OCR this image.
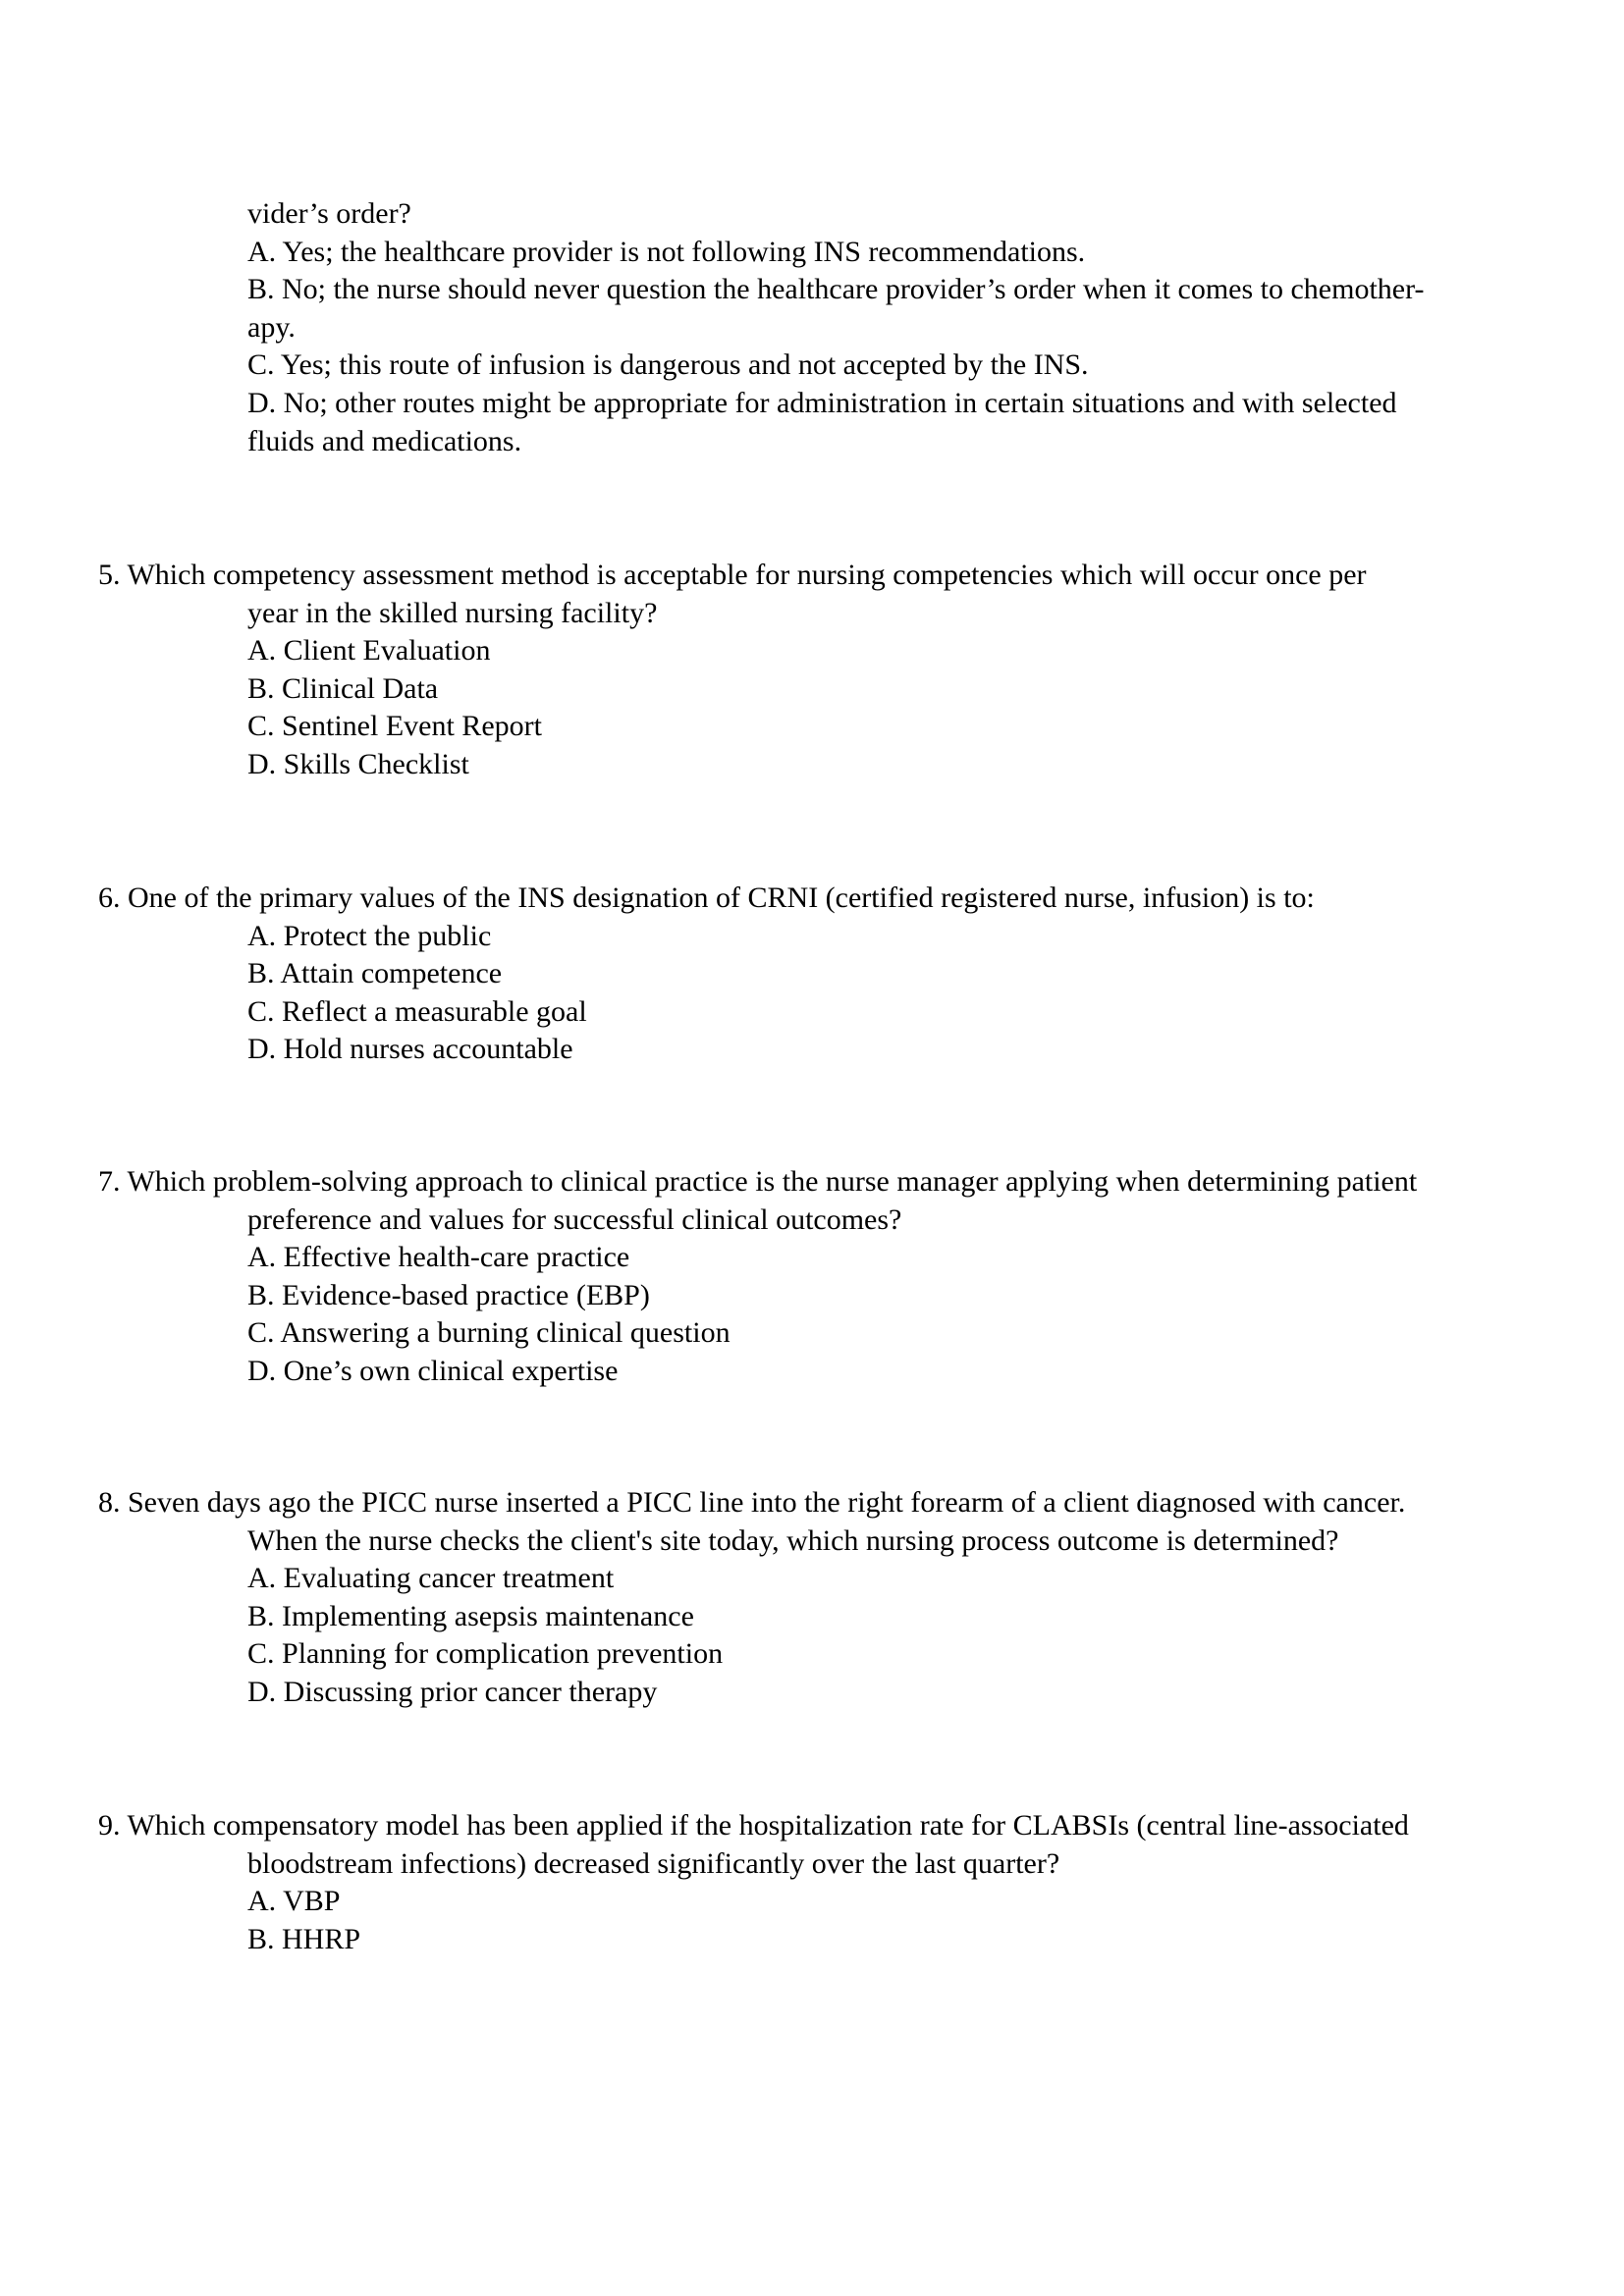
vider’s order?
A. Yes; the healthcare provider is not following INS recommendations.
B. No; the nurse should never question the healthcare provider’s order when it comes to chemother-
apy.
C. Yes; this route of infusion is dangerous and not accepted by the INS.
D. No; other routes might be appropriate for administration in certain situations and with selected
fluids and medications.
5. Which competency assessment method is acceptable for nursing competencies which will occur once per
year in the skilled nursing facility?
A. Client Evaluation
B. Clinical Data
C. Sentinel Event Report
D. Skills Checklist
6. One of the primary values of the INS designation of CRNI (certified registered nurse, infusion) is to:
A. Protect the public
B. Attain competence
C. Reflect a measurable goal
D. Hold nurses accountable
7. Which problem-solving approach to clinical practice is the nurse manager applying when determining patient
preference and values for successful clinical outcomes?
A. Effective health-care practice
B. Evidence-based practice (EBP)
C. Answering a burning clinical question
D. One’s own clinical expertise
8. Seven days ago the PICC nurse inserted a PICC line into the right forearm of a client diagnosed with cancer.
When the nurse checks the client's site today, which nursing process outcome is determined?
A. Evaluating cancer treatment
B. Implementing asepsis maintenance
C. Planning for complication prevention
D. Discussing prior cancer therapy
9. Which compensatory model has been applied if the hospitalization rate for CLABSIs (central line-associated
bloodstream infections) decreased significantly over the last quarter?
A. VBP
B. HHRP
